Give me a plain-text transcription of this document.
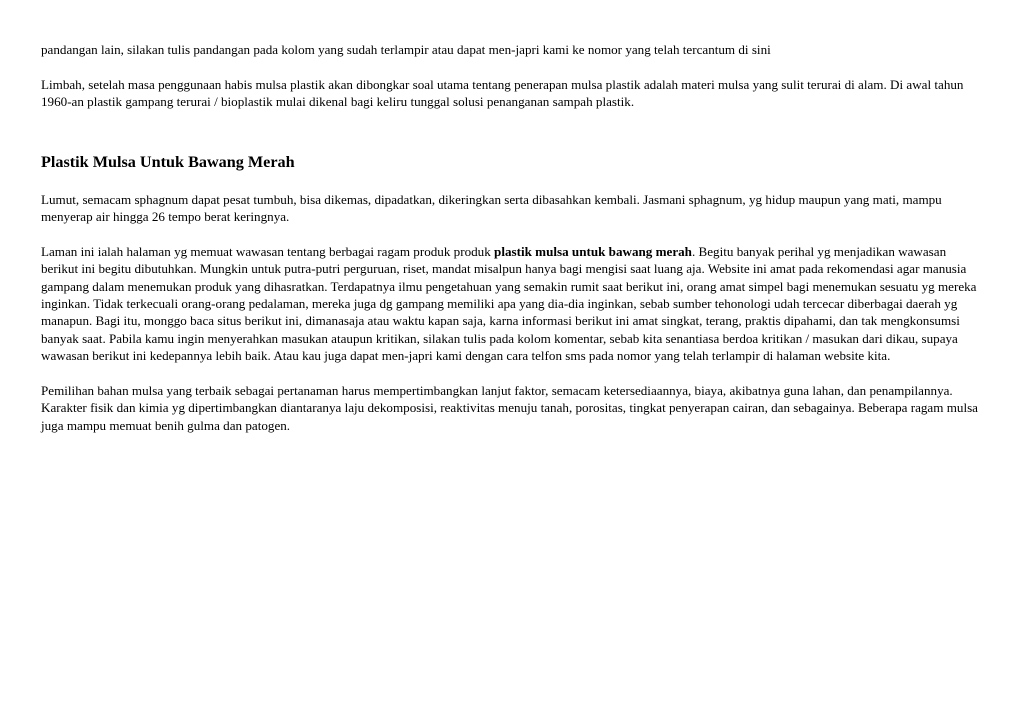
pandangan lain, silakan tulis pandangan pada kolom yang sudah terlampir atau dapat men-japri kami ke nomor yang telah tercantum di sini

Limbah, setelah masa penggunaan habis mulsa plastik akan dibongkar soal utama tentang penerapan mulsa plastik adalah materi mulsa yang sulit terurai di alam. Di awal tahun 1960-an plastik gampang terurai / bioplastik mulai dikenal bagi keliru tunggal solusi penanganan sampah plastik.

Plastik Mulsa Untuk Bawang Merah

Lumut, semacam sphagnum dapat pesat tumbuh, bisa dikemas, dipadatkan, dikeringkan serta dibasahkan kembali. Jasmani sphagnum, yg hidup maupun yang mati, mampu menyerap air hingga 26 tempo berat keringnya.

Laman ini ialah halaman yg memuat wawasan tentang berbagai ragam produk produk plastik mulsa untuk bawang merah. Begitu banyak perihal yg menjadikan wawasan berikut ini begitu dibutuhkan. Mungkin untuk putra-putri perguruan, riset, mandat misalpun hanya bagi mengisi saat luang aja. Website ini amat pada rekomendasi agar manusia gampang dalam menemukan produk yang dihasratkan. Terdapatnya ilmu pengetahuan yang semakin rumit saat berikut ini, orang amat simpel bagi menemukan sesuatu yg mereka inginkan. Tidak terkecuali orang-orang pedalaman, mereka juga dg gampang memiliki apa yang dia-dia inginkan, sebab sumber tehonologi udah tercecar diberbagai daerah yg manapun. Bagi itu, monggo baca situs berikut ini, dimanasaja atau waktu kapan saja, karna informasi berikut ini amat singkat, terang, praktis dipahami, dan tak mengkonsumsi banyak saat. Pabila kamu ingin menyerahkan masukan ataupun kritikan, silakan tulis pada kolom komentar, sebab kita senantiasa berdoa kritikan / masukan dari dikau, supaya wawasan berikut ini kedepannya lebih baik. Atau kau juga dapat men-japri kami dengan cara telfon sms pada nomor yang telah terlampir di halaman website kita.

Pemilihan bahan mulsa yang terbaik sebagai pertanaman harus mempertimbangkan lanjut faktor, semacam ketersediaannya, biaya, akibatnya guna lahan, dan penampilannya. Karakter fisik dan kimia yg dipertimbangkan diantaranya laju dekomposisi, reaktivitas menuju tanah, porositas, tingkat penyerapan cairan, dan sebagainya. Beberapa ragam mulsa juga mampu memuat benih gulma dan patogen.
